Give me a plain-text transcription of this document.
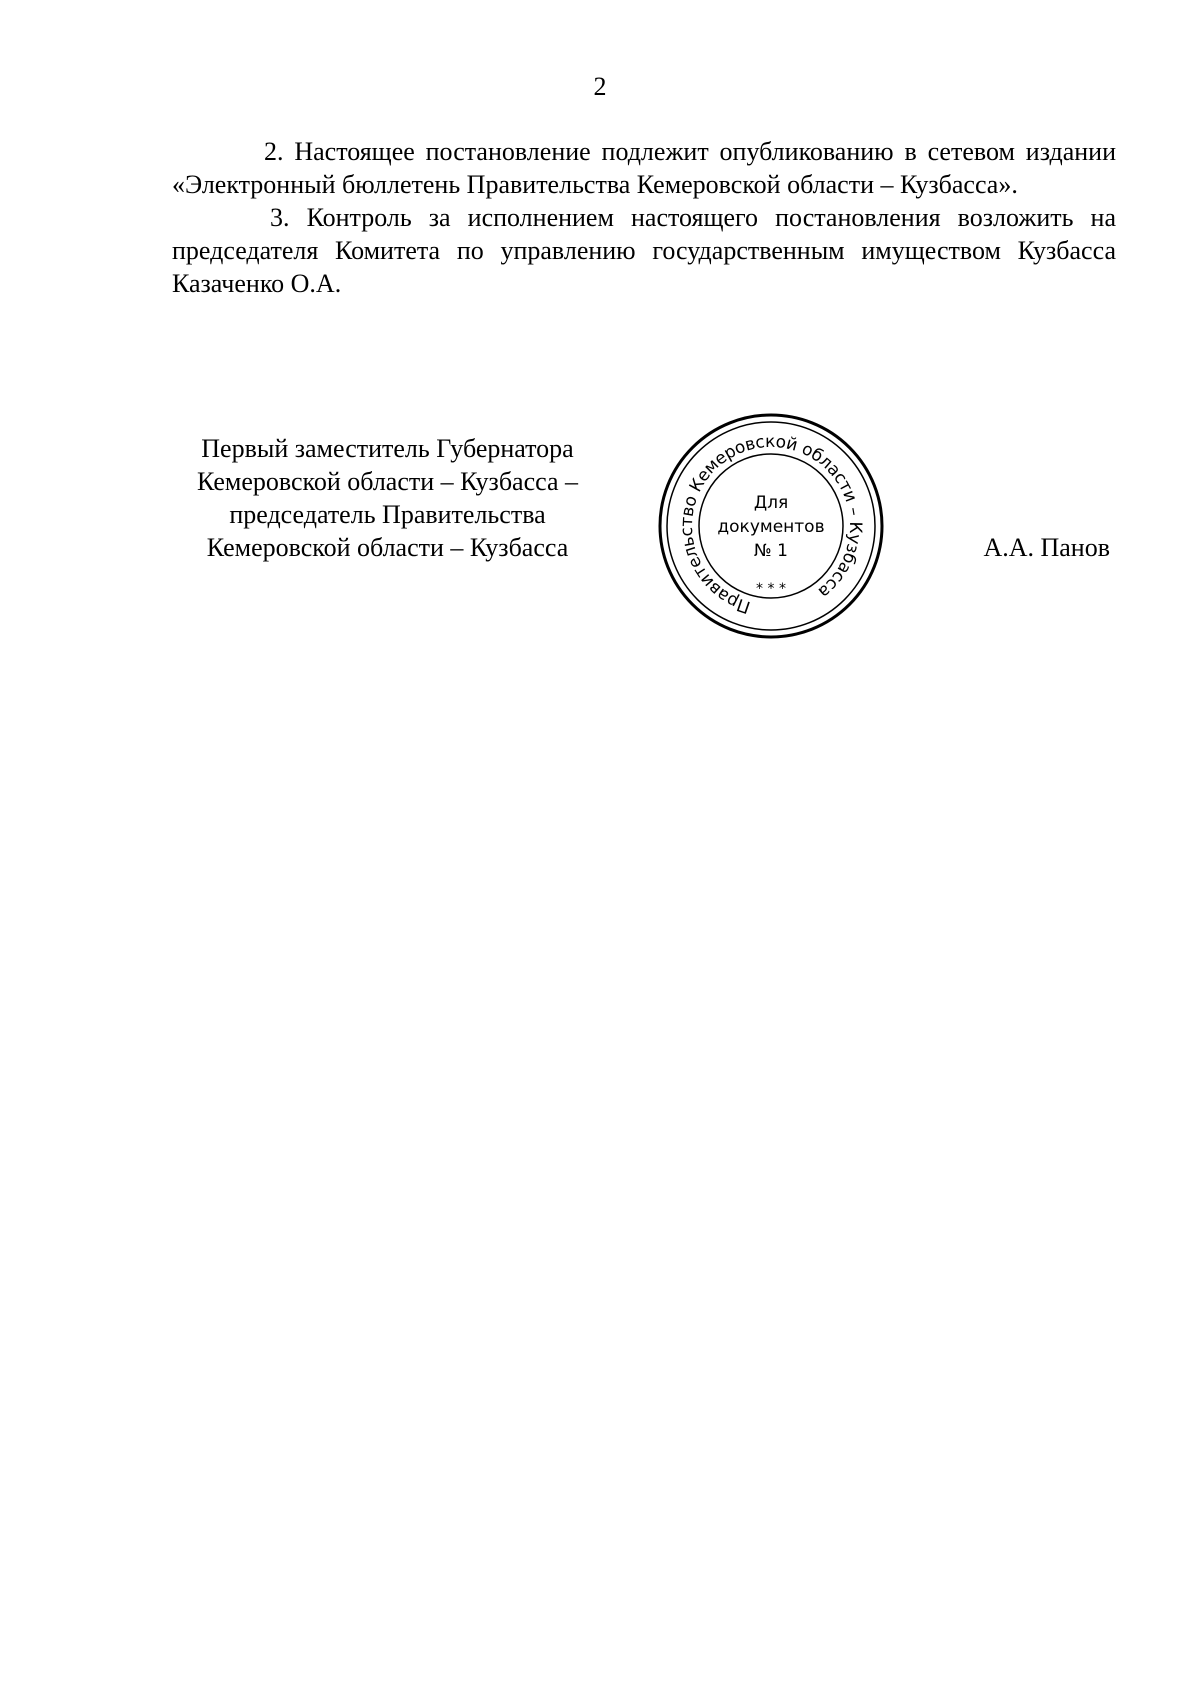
2

2. Настоящее постановление подлежит опубликованию в сетевом издании «Электронный бюллетень Правительства Кемеровской области – Кузбасса».

3. Контроль за исполнением настоящего постановления возложить на председателя Комитета по управлению государственным имуществом Кузбасса Казаченко О.А.

Первый заместитель Губернатора
Кемеровской области – Кузбасса –
председатель Правительства
Кемеровской области – Кузбасса
Правительство Кемеровской области – Кузбасса
* * *
Для
документов
№ 1	А.А. Панов
